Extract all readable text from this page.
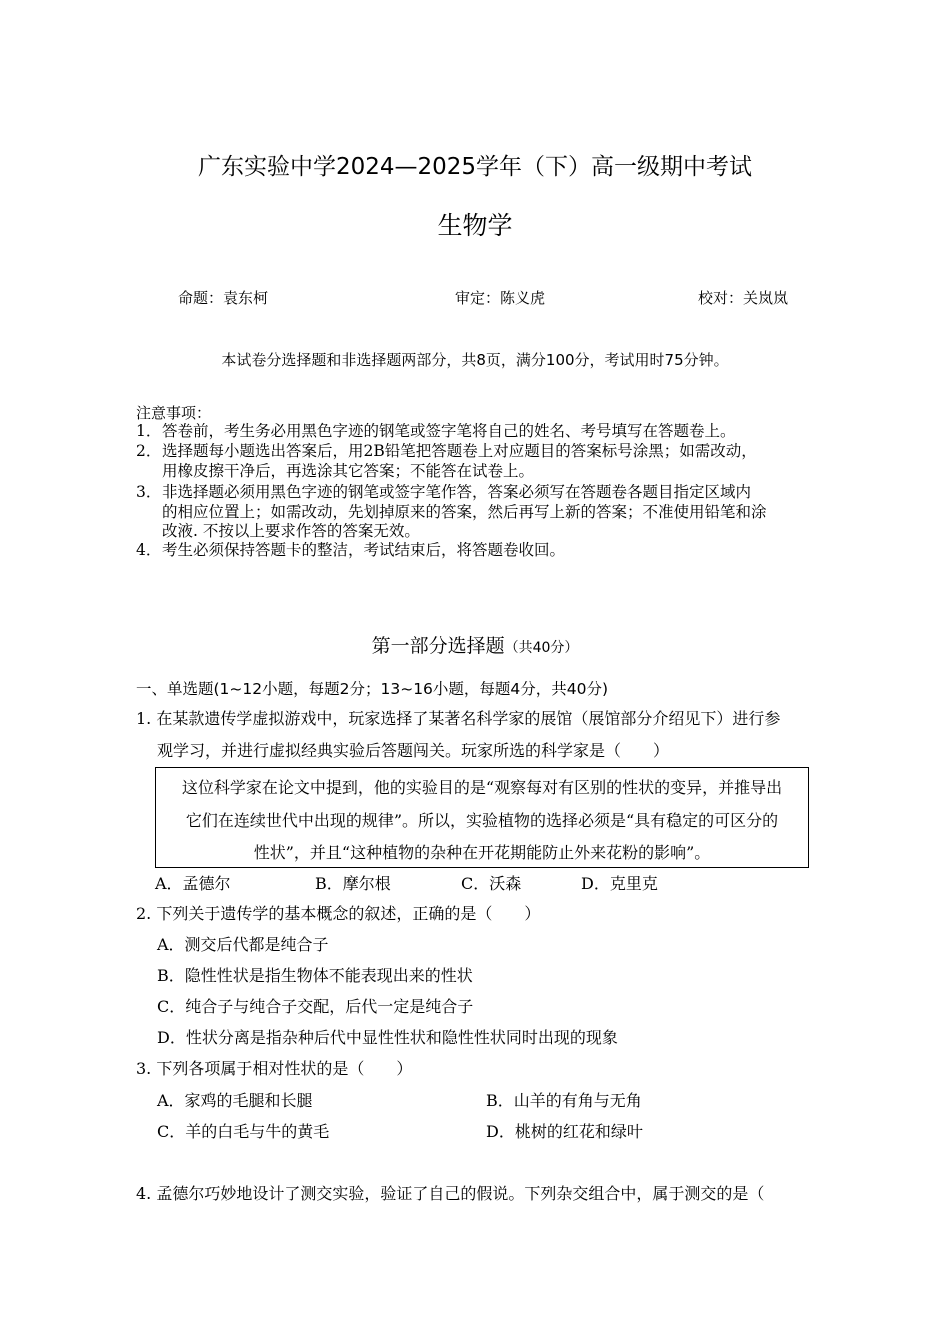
广东实验中学2024—2025学年（下）高一级期中考试
生物学
命题：袁东柯	审定：陈义虎	校对：关岚岚
本试卷分选择题和非选择题两部分，共8页，满分100分，考试用时75分钟。
注意事项：
1． 答卷前，考生务必用黑色字迹的钢笔或签字笔将自己的姓名、考号填写在答题卷上。
2． 选择题每小题选出答案后，用2B铅笔把答题卷上对应题目的答案标号涂黑；如需改动，
用橡皮擦干净后，再选涂其它答案；不能答在试卷上。
3． 非选择题必须用黑色字迹的钢笔或签字笔作答，答案必须写在答题卷各题目指定区域内
的相应位置上；如需改动，先划掉原来的答案，然后再写上新的答案；不准使用铅笔和涂
改液. 不按以上要求作答的答案无效。
4． 考生必须保持答题卡的整洁，考试结束后，将答题卷收回。
第一部分选择题（共40分）
一、单选题(1~12小题，每题2分；13~16小题，每题4分，共40分)
1. 在某款遗传学虚拟游戏中，玩家选择了某著名科学家的展馆（展馆部分介绍见下）进行参
观学习，并进行虚拟经典实验后答题闯关。玩家所选的科学家是（　　）
这位科学家在论文中提到，他的实验目的是“观察每对有区别的性状的变异，并推导出
它们在连续世代中出现的规律”。所以，实验植物的选择必须是“具有稳定的可区分的
性状”，并且“这种植物的杂种在开花期能防止外来花粉的影响”。
A．孟德尔	B．摩尔根	C．沃森	D．克里克
2. 下列关于遗传学的基本概念的叙述，正确的是（　　）
A．测交后代都是纯合子
B．隐性性状是指生物体不能表现出来的性状
C．纯合子与纯合子交配，后代一定是纯合子
D．性状分离是指杂种后代中显性性状和隐性性状同时出现的现象
3. 下列各项属于相对性状的是（　　）
A．家鸡的毛腿和长腿	B．山羊的有角与无角
C．羊的白毛与牛的黄毛	D．桃树的红花和绿叶
4. 孟德尔巧妙地设计了测交实验，验证了自己的假说。下列杂交组合中，属于测交的是（
